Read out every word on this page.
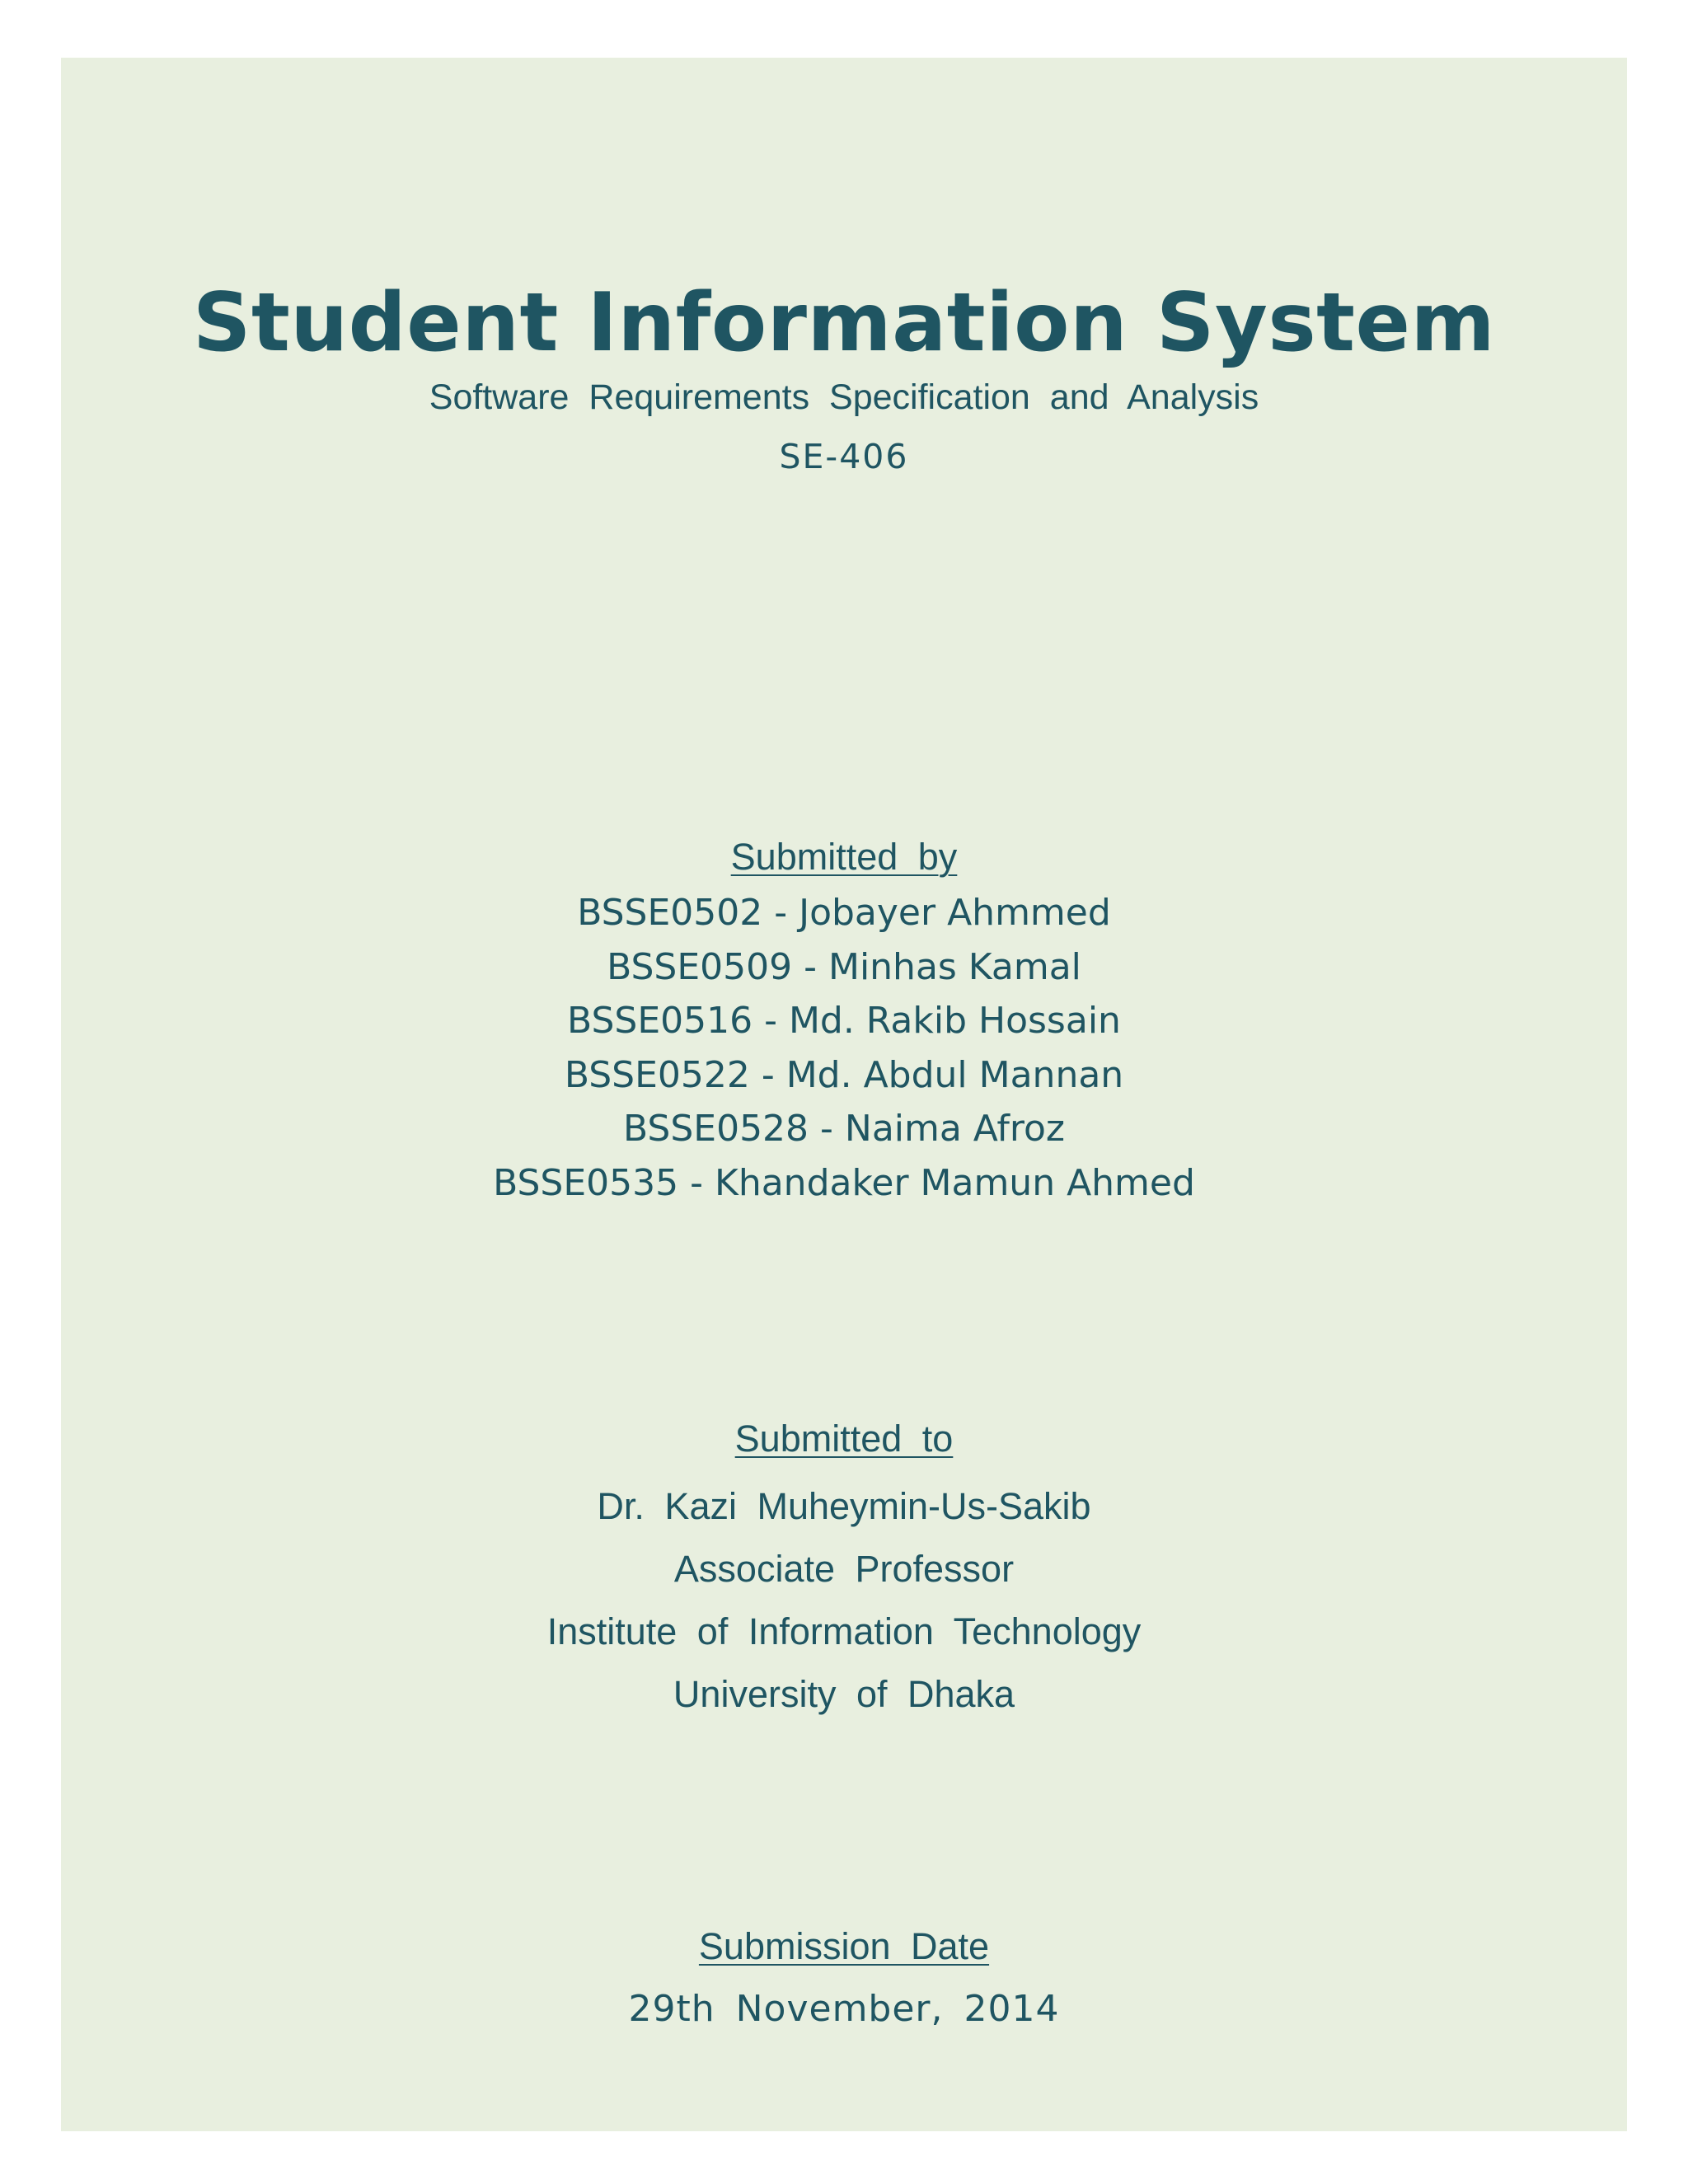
Student Information System
Software Requirements Specification and Analysis
SE-406
Submitted by
BSSE0502 - Jobayer Ahmmed
BSSE0509 - Minhas Kamal
BSSE0516 - Md. Rakib Hossain
BSSE0522 - Md. Abdul Mannan
BSSE0528 - Naima Afroz
BSSE0535 - Khandaker Mamun Ahmed
Submitted to
Dr. Kazi Muheymin-Us-Sakib
Associate Professor
Institute of Information Technology
University of Dhaka
Submission Date
29th November, 2014
